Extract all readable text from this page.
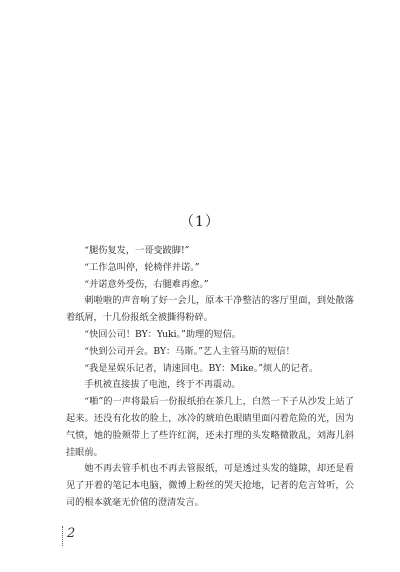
（1）

“腿伤复发，一哥变跛脚!”

“工作急叫停，轮椅伴并诺。”

“并诺意外受伤，右腿难再愈。”

刺啦啦的声音响了好一会儿，原本干净整洁的客厅里面，到处散落着纸屑，十几份报纸全被撕得粉碎。

“快回公司！BY：Yuki。”助理的短信。

“快到公司开会。BY：马斯。”艺人主管马斯的短信！

“我是星娱乐记者，请速回电。BY：Mike。”烦人的记者。

手机被直接拔了电池，终于不再震动。

“啪”的一声将最后一份报纸拍在茶几上，白然一下子从沙发上站了起来。还没有化妆的脸上，冰冷的琥珀色眼睛里面闪着危险的光，因为气愤，她的脸颊带上了些许红润，还未打理的头发略微散乱，刘海儿斜挂眼前。

她不再去管手机也不再去管报纸，可是透过头发的缝隙，却还是看见了开着的笔记本电脑，微博上粉丝的哭天抢地，记者的危言耸听，公司的根本就毫无价值的澄清发言。

2
